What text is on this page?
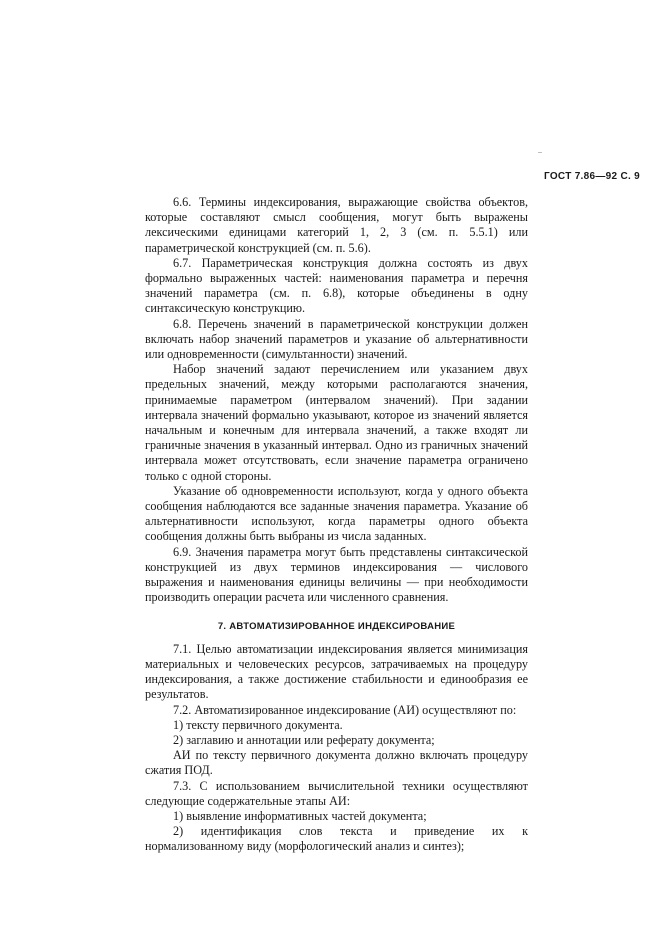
..
ГОСТ 7.86—92 С. 9

6.6. Термины индексирования, выражающие свойства объектов, которые составляют смысл сообщения, могут быть выражены лексическими единицами категорий 1, 2, 3 (см. п. 5.5.1) или параметрической конструкцией (см. п. 5.6).

6.7. Параметрическая конструкция должна состоять из двух формально выраженных частей: наименования параметра и перечня значений параметра (см. п. 6.8), которые объединены в одну синтаксическую конструкцию.

6.8. Перечень значений в параметрической конструкции должен включать набор значений параметров и указание об альтернативности или одновременности (симультанности) значений.

Набор значений задают перечислением или указанием двух предельных значений, между которыми располагаются значения, принимаемые параметром (интервалом значений). При задании интервала значений формально указывают, которое из значений является начальным и конечным для интервала значений, а также входят ли граничные значения в указанный интервал. Одно из граничных значений интервала может отсутствовать, если значение параметра ограничено только с одной стороны.

Указание об одновременности используют, когда у одного объекта сообщения наблюдаются все заданные значения параметра. Указание об альтернативности используют, когда параметры одного объекта сообщения должны быть выбраны из числа заданных.

6.9. Значения параметра могут быть представлены синтаксической конструкцией из двух терминов индексирования — числового выражения и наименования единицы величины — при необходимости производить операции расчета или численного сравнения.

7. АВТОМАТИЗИРОВАННОЕ ИНДЕКСИРОВАНИЕ

7.1. Целью автоматизации индексирования является минимизация материальных и человеческих ресурсов, затрачиваемых на процедуру индексирования, а также достижение стабильности и единообразия ее результатов.

7.2. Автоматизированное индексирование (АИ) осуществляют по:

1) тексту первичного документа.

2) заглавию и аннотации или реферату документа;

АИ по тексту первичного документа должно включать процедуру сжатия ПОД.

7.3. С использованием вычислительной техники осуществляют следующие содержательные этапы АИ:

1) выявление информативных частей документа;

2) идентификация слов текста и приведение их к нормализованному виду (морфологический анализ и синтез);
